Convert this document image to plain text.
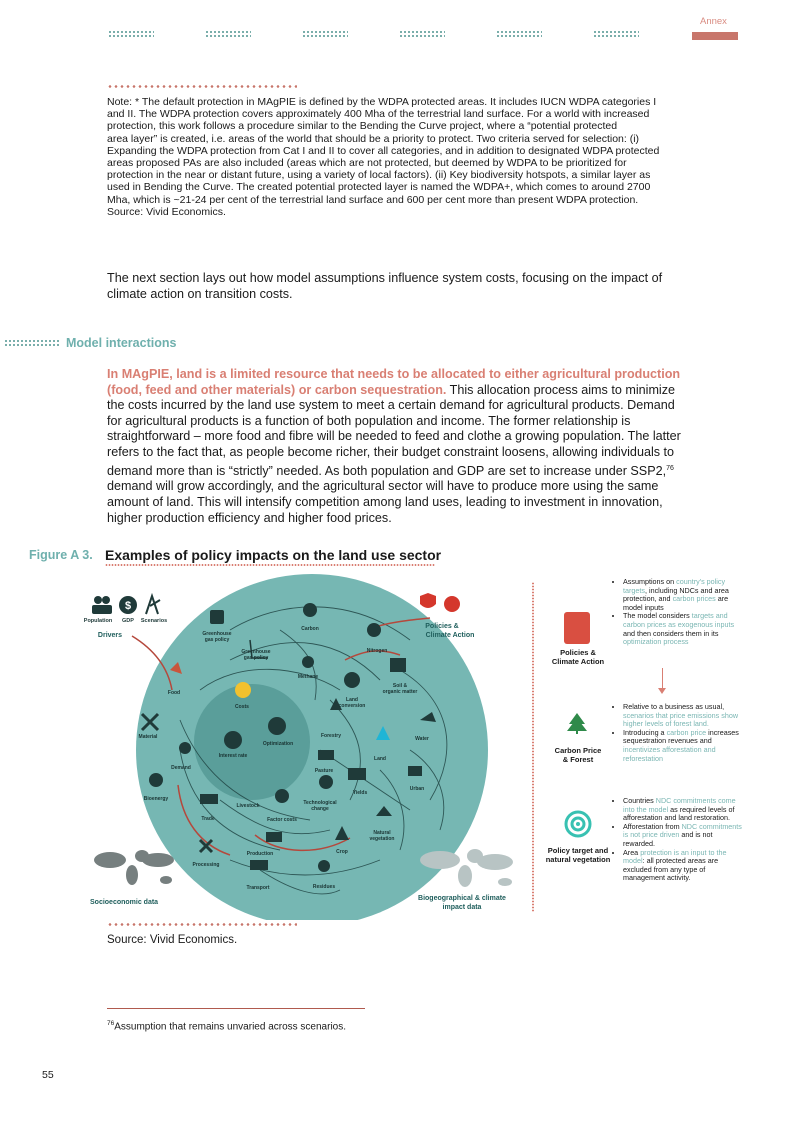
Annex
Note: * The default protection in MAgPIE is defined by the WDPA protected areas. It includes IUCN WDPA categories I
and II. The WDPA protection covers approximately 400 Mha of the terrestrial land surface. For a world with increased
protection, this work follows a procedure similar to the Bending the Curve project, where a “potential protected
area layer” is created, i.e. areas of the world that should be a priority to protect. Two criteria served for selection: (i)
Expanding the WDPA protection from Cat I and II to cover all categories, and in addition to designated WDPA protected
areas proposed PAs are also included (areas which are not protected, but deemed by WDPA to be prioritized for
protection in the near or distant future, using a variety of local factors). (ii) Key biodiversity hotspots, a similar layer as
used in Bending the Curve. The created potential protected layer is named the WDPA+, which comes to around 2700
Mha, which is ~21-24 per cent of the terrestrial land surface and 600 per cent more than present WDPA protection.
Source: Vivid Economics.
The next section lays out how model assumptions influence system costs, focusing on the impact of
climate action on transition costs.
Model interactions
In MAgPIE, land is a limited resource that needs to be allocated to either agricultural production
(food, feed and other materials) or carbon sequestration. This allocation process aims to minimize
the costs incurred by the land use system to meet a certain demand for agricultural products. Demand
for agricultural products is a function of both population and income. The former relationship is
straightforward – more food and fibre will be needed to feed and clothe a growing population. The latter
refers to the fact that, as people become richer, their budget constraint loosens, allowing individuals to
demand more than is “strictly” needed. As both population and GDP are set to increase under SSP2,76
demand will grow accordingly, and the agricultural sector will have to produce more using the same
amount of land. This will intensify competition among land uses, leading to investment in innovation,
higher production efficiency and higher food prices.
Figure A 3. Examples of policy impacts on the land use sector
$
Population GDP Scenarios
Drivers
Policies &
Climate Action
Socioeconomic data
Biogeographical & climate
impact data
Greenhouse
gas policy
Carbon
Greenhouse
gas policy
Nitrogen
Methane
Soil &
organic matter
Food
Costs
Land
conversion
Material
Optimization
Forestry	Water
Interest rate	Land
Demand	Pasture
Yields
Urban
Bioenergy
Livestock	Technological
change
Trade	Factor costs
Natural
vegetation
Production	Crop
Processing
Transport	Residues
Policies &
Climate Action
• Assumptions on country's policy targets, including NDCs and area protection, and carbon prices are model inputs
• The model considers targets and carbon prices as exogenous inputs and then considers them in its optimization process
Carbon Price
& Forest
• Relative to a business as usual, scenarios that price emissions show higher levels of forest land.
• Introducing a carbon price increases sequestration revenues and incentivizes afforestation and reforestation
Policy target and
natural vegetation
• Countries NDC commitments come into the model as required levels of afforestation and land restoration.
• Afforestation from NDC commitments is not price driven and is not rewarded.
• Area protection is an input to the model: all protected areas are excluded from any type of management activity.
Source: Vivid Economics.
$^{76}$Assumption that remains unvaried across scenarios.
55
